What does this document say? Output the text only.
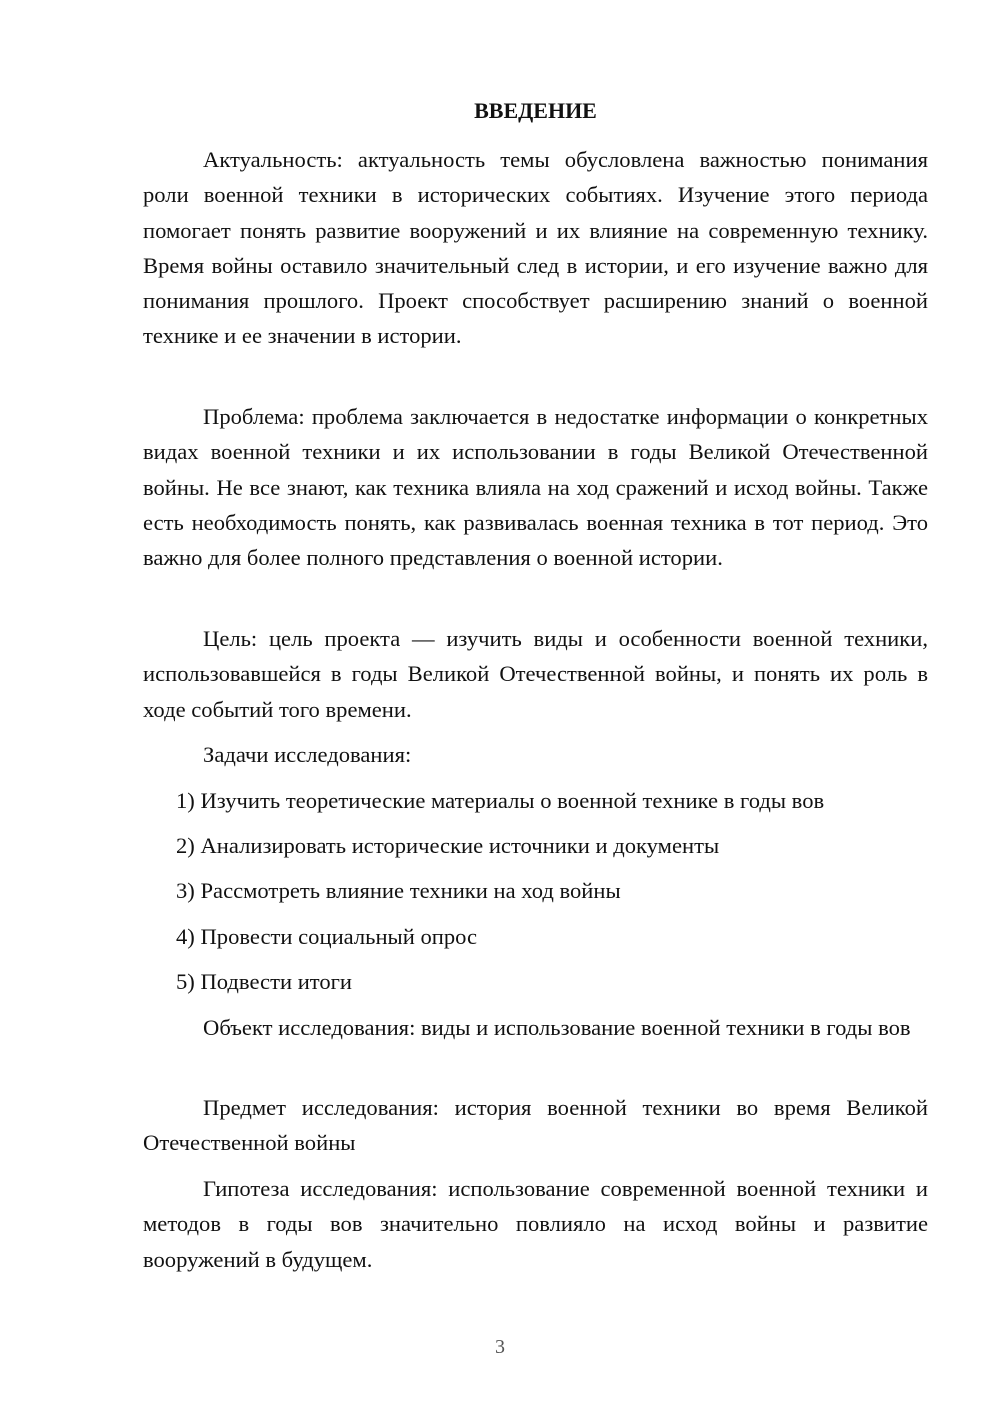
ВВЕДЕНИЕ

Актуальность: актуальность темы обусловлена важностью понимания роли военной техники в исторических событиях. Изучение этого периода помогает понять развитие вооружений и их влияние на современную технику. Время войны оставило значительный след в истории, и его изучение важно для понимания прошлого. Проект способствует расширению знаний о военной технике и ее значении в истории.

Проблема: проблема заключается в недостатке информации о конкретных видах военной техники и их использовании в годы Великой Отечественной войны. Не все знают, как техника влияла на ход сражений и исход войны. Также есть необходимость понять, как развивалась военная техника в тот период. Это важно для более полного представления о военной истории.

Цель: цель проекта — изучить виды и особенности военной техники, использовавшейся в годы Великой Отечественной войны, и понять их роль в ходе событий того времени.

Задачи исследования:

1) Изучить теоретические материалы о военной технике в годы вов

2) Анализировать исторические источники и документы

3) Рассмотреть влияние техники на ход войны

4) Провести социальный опрос

5) Подвести итоги

Объект исследования: виды и использование военной техники в годы вов

Предмет исследования: история военной техники во время Великой Отечественной войны

Гипотеза исследования: использование современной военной техники и методов в годы вов значительно повлияло на исход войны и развитие вооружений в будущем.

3
